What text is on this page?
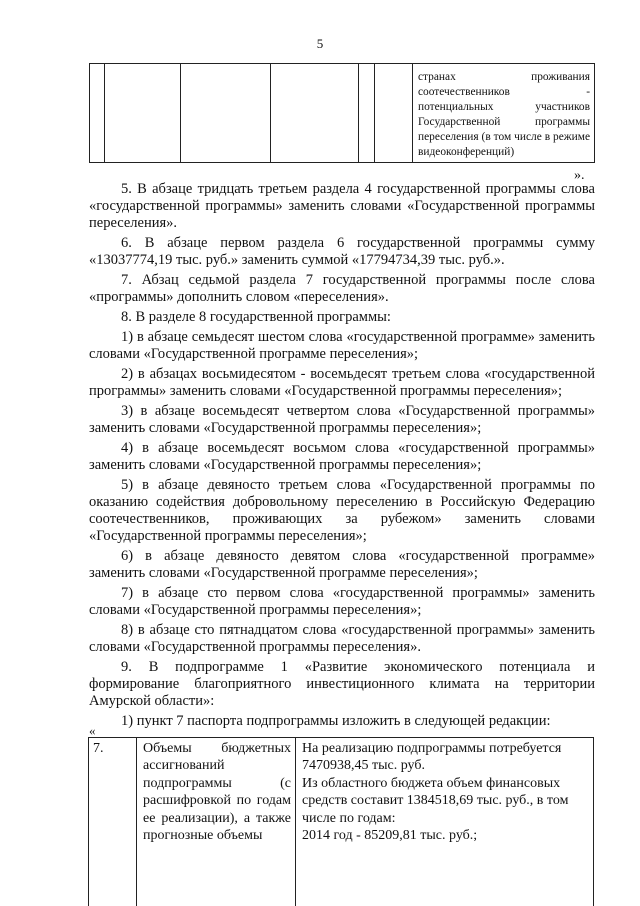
5
странах проживания соотечественников - потенциальных участников Государственной программы переселения (в том числе в режиме видеоконференций)
».

5. В абзаце тридцать третьем раздела 4 государственной программы слова «государственной программы» заменить словами «Государственной программы переселения».

6. В абзаце первом раздела 6 государственной программы сумму «13037774,19 тыс. руб.» заменить суммой «17794734,39 тыс. руб.».

7. Абзац седьмой раздела 7 государственной программы после слова «программы» дополнить словом «переселения».

8. В разделе 8 государственной программы:

1) в абзаце семьдесят шестом слова «государственной программе» заменить словами «Государственной программе переселения»;

2) в абзацах восьмидесятом - восемьдесят третьем слова «государственной программы» заменить словами «Государственной программы переселения»;

3) в абзаце восемьдесят четвертом слова «Государственной программы» заменить словами «Государственной программы переселения»;

4) в абзаце восемьдесят восьмом слова «государственной программы» заменить словами «Государственной программы переселения»;

5) в абзаце девяносто третьем слова «Государственной программы по оказанию содействия добровольному переселению в Российскую Федерацию соотечественников, проживающих за рубежом» заменить словами «Государственной программы переселения»;

6) в абзаце девяносто девятом слова «государственной программе» заменить словами «Государственной программе переселения»;

7) в абзаце сто первом слова «государственной программы» заменить словами «Государственной программы переселения»;

8) в абзаце сто пятнадцатом слова «государственной программы» заменить словами «Государственной программы переселения».

9. В подпрограмме 1 «Развитие экономического потенциала и формирование благоприятного инвестиционного климата на территории Амурской области»:

1) пункт 7 паспорта подпрограммы изложить в следующей редакции:

«
7.	Объемы бюджетных ассигнований подпрограммы (с расшифровкой по годам ее реализации), а также прогнозные объемы
На реализацию подпрограммы потребуется
7470938,45 тыс. руб.
Из областного бюджета объем финансовых
средств составит 1384518,69 тыс. руб., в том
числе по годам:
2014 год - 85209,81 тыс. руб.;
